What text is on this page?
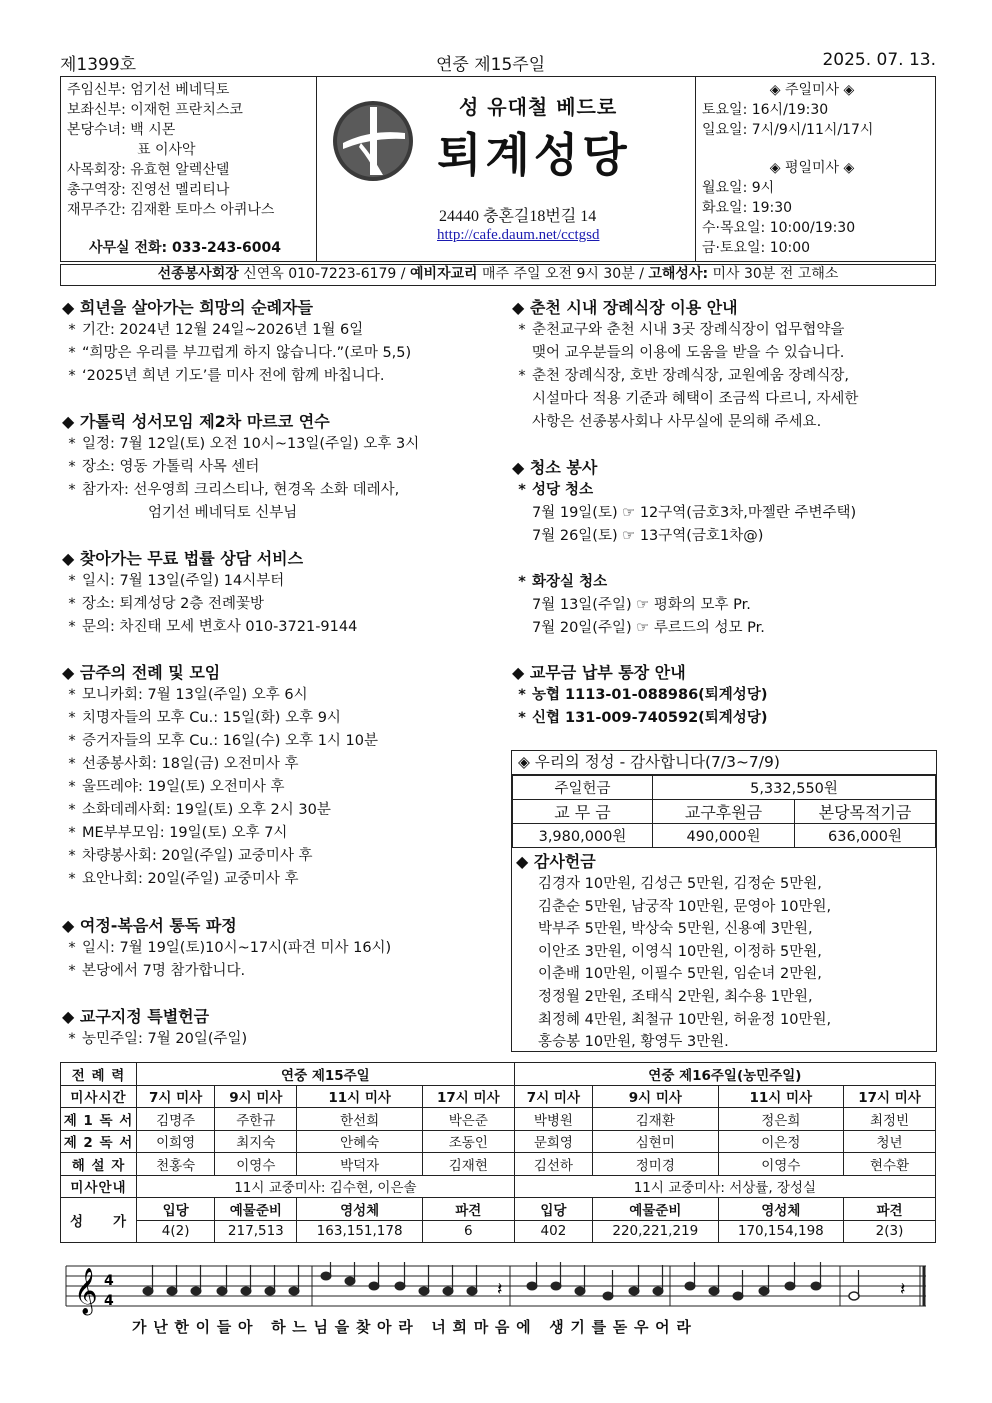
제1399호	연중 제15주일	2025. 07. 13.
주임신부: 엄기선 베네딕토
보좌신부: 이재헌 프란치스코
본당수녀: 백 시몬
　　　　　표 이사악
사목회장: 유효현 알렉산델
총구역장: 진영선 멜리티나
재무주간: 김재환 토마스 아퀴나스
사무실 전화: 033-243-6004
성 유대철 베드로
퇴계성당
24440 충혼길18번길 14
http://cafe.daum.net/cctgsd
◈ 주일미사 ◈
토요일: 16시/19:30
일요일: 7시/9시/11시/17시
◈ 평일미사 ◈
월요일: 9시
화요일: 19:30
수·목요일: 10:00/19:30
금·토요일: 10:00
선종봉사회장 신연옥 010-7223-6179 / 예비자교리 매주 주일 오전 9시 30분 / 고해성사: 미사 30분 전 고해소
◆ 희년을 살아가는 희망의 순례자들
* 기간: 2024년 12월 24일~2026년 1월 6일
* “희망은 우리를 부끄럽게 하지 않습니다.”(로마 5,5)
* ‘2025년 희년 기도’를 미사 전에 함께 바칩니다.
◆ 가톨릭 성서모임 제2차 마르코 연수
* 일정: 7월 12일(토) 오전 10시~13일(주일) 오후 3시
* 장소: 영동 가톨릭 사목 센터
* 참가자: 선우영희 크리스티나, 현경옥 소화 데레사,
엄기선 베네딕토 신부님
◆ 찾아가는 무료 법률 상담 서비스
* 일시: 7월 13일(주일) 14시부터
* 장소: 퇴계성당 2층 전례꽃방
* 문의: 차진태 모세 변호사 010-3721-9144
◆ 금주의 전례 및 모임
* 모니카회: 7월 13일(주일) 오후 6시
* 치명자들의 모후 Cu.: 15일(화) 오후 9시
* 증거자들의 모후 Cu.: 16일(수) 오후 1시 10분
* 선종봉사회: 18일(금) 오전미사 후
* 울뜨레야: 19일(토) 오전미사 후
* 소화데레사회: 19일(토) 오후 2시 30분
* ME부부모임: 19일(토) 오후 7시
* 차량봉사회: 20일(주일) 교중미사 후
* 요안나회: 20일(주일) 교중미사 후
◆ 여정-복음서 통독 파정
* 일시: 7월 19일(토)10시~17시(파견 미사 16시)
* 본당에서 7명 참가합니다.
◆ 교구지정 특별헌금
* 농민주일: 7월 20일(주일)
◆ 춘천 시내 장례식장 이용 안내
* 춘천교구와 춘천 시내 3곳 장례식장이 업무협약을
맺어 교우분들의 이용에 도움을 받을 수 있습니다.
* 춘천 장례식장, 호반 장례식장, 교원예움 장례식장,
시설마다 적용 기준과 혜택이 조금씩 다르니, 자세한
사항은 선종봉사회나 사무실에 문의해 주세요.
◆ 청소 봉사
* 성당 청소
7월 19일(토) ☞ 12구역(금호3차,마젤란 주변주택)
7월 26일(토) ☞ 13구역(금호1차@)
* 화장실 청소
7월 13일(주일) ☞ 평화의 모후 Pr.
7월 20일(주일) ☞ 루르드의 성모 Pr.
◆ 교무금 납부 통장 안내
* 농협 1113-01-088986(퇴계성당)
* 신협 131-009-740592(퇴계성당)
◈ 우리의 정성 - 감사합니다(7/3~7/9)
주일헌금	5,332,550원	
교 무 금	교구후원금	본당목적기금
3,980,000원	490,000원	636,000원
◆ 감사헌금
김경자 10만원, 김성근 5만원, 김정순 5만원,
김춘순 5만원, 남궁작 10만원, 문영아 10만원,
박부주 5만원, 박상숙 5만원, 신용예 3만원,
이안조 3만원, 이영식 10만원, 이정하 5만원,
이춘배 10만원, 이필수 5만원, 임순녀 2만원,
정정월 2만원, 조태식 2만원, 최수용 1만원,
최정혜 4만원, 최철규 10만원, 허윤정 10만원,
홍승봉 10만원, 황영두 3만원.
전 례 력	연중 제15주일				연중 제16주일(농민주일)			
미사시간	7시 미사	9시 미사	11시 미사	17시 미사	7시 미사	9시 미사	11시 미사	17시 미사
제 1 독 서	김명주	주한규	한선희	박은준	박병원	김재환	정은희	최정빈
제 2 독 서	이희영	최지숙	안혜숙	조동인	문희영	심현미	이은정	청년
해 설 자	천홍숙	이영수	박덕자	김재현	김선하	정미경	이영수	현수환
미사안내	11시 교중미사: 김수현, 이은솔				11시 교중미사: 서상률, 장성실			
성　　가	입당	예물준비	영성체	파견	입당	예물준비	영성체	파견
	4(2)	217,513	163,151,178	6	402	220,221,219	170,154,198	2(3)
𝄞 4
4
𝄽	𝄽
가난한이들아 하느님을찾아라 너희마음에 생기를돋우어라
